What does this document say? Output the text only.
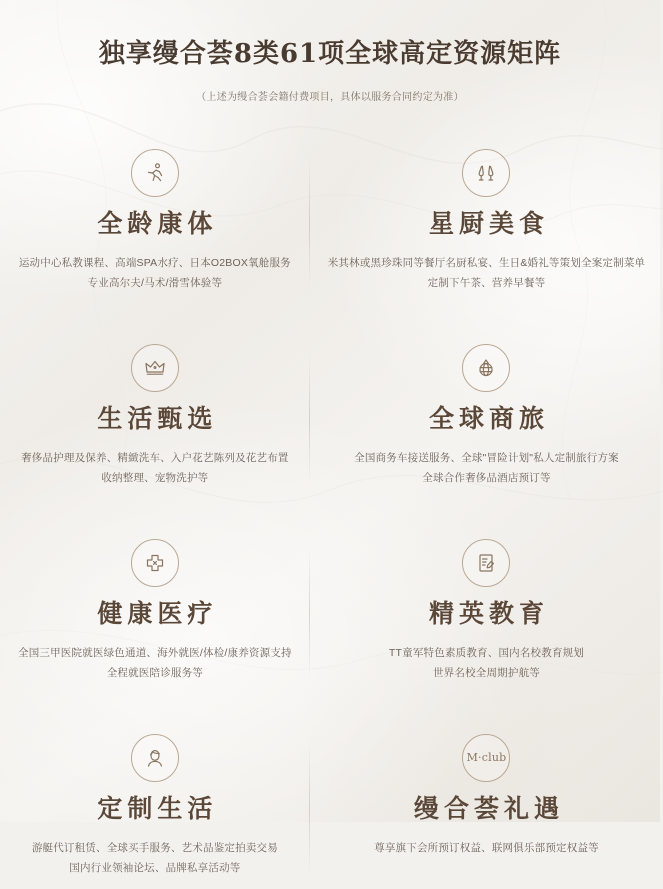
独享缦合荟8类61项全球高定资源矩阵
（上述为缦合荟会籍付费项目，具体以服务合同约定为准）
全龄康体
运动中心私教课程、高端SPA水疗、日本O2BOX氧舱服务
专业高尔夫/马术/滑雪体验等
星厨美食
米其林或黑珍珠同等餐厅名厨私宴、生日&婚礼等策划全案定制菜单
定制下午茶、营养早餐等
生活甄选
奢侈品护理及保养、精緻洗车、入户花艺陈列及花艺布置
收纳整理、宠物洗护等
全球商旅
全国商务车接送服务、全球"冒险计划"私人定制旅行方案
全球合作奢侈品酒店预订等
健康医疗
全国三甲医院就医绿色通道、海外就医/体检/康养资源支持
全程就医陪诊服务等
精英教育
TT童军特色素质教育、国内名校教育规划
世界名校全周期护航等
定制生活
游艇代订租赁、全球买手服务、艺术品鉴定拍卖交易
国内行业领袖论坛、品牌私享活动等
M·club
缦合荟礼遇
尊享旗下会所预订权益、联网俱乐部预定权益等
